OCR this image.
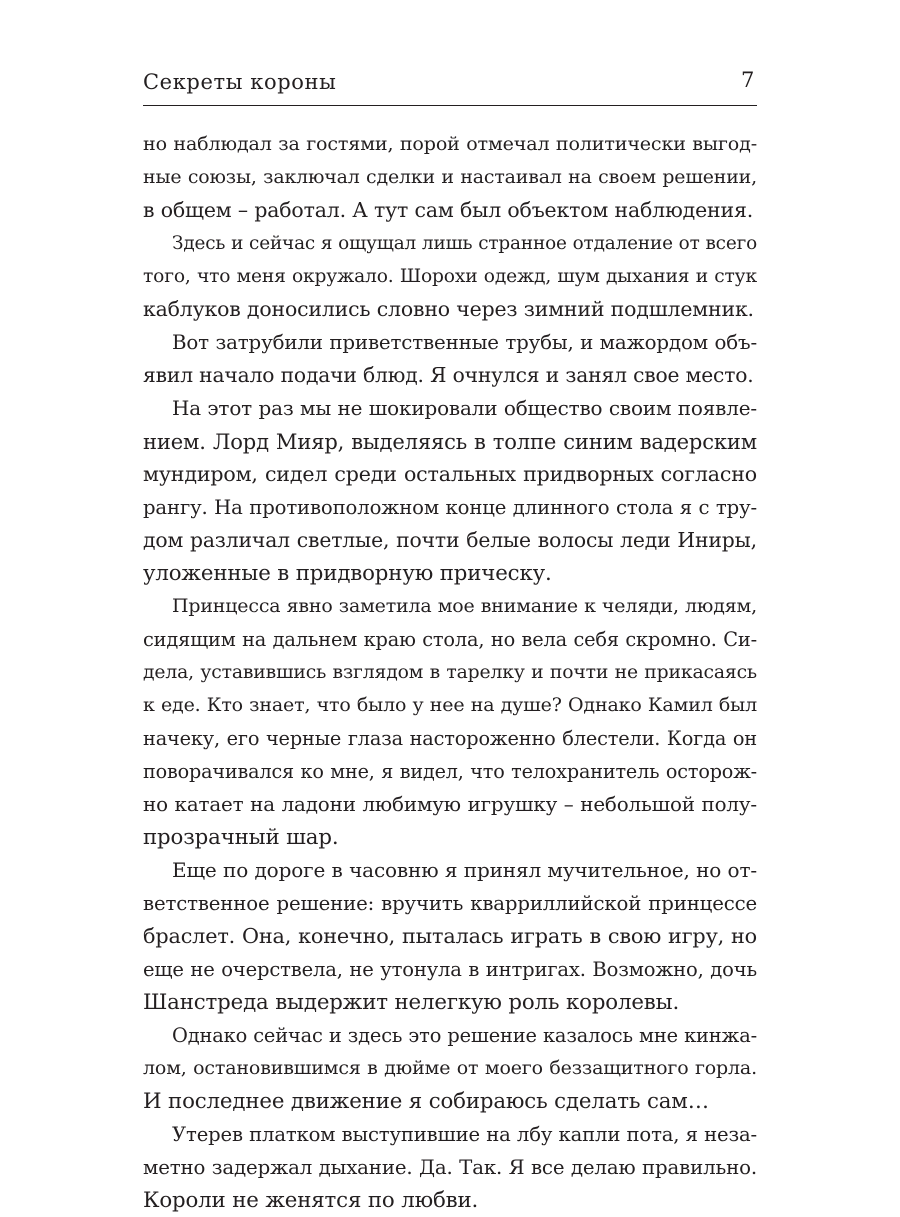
Секреты короны	7
но наблюдал за гостями, порой отмечал политически выгод-
ные союзы, заключал сделки и настаивал на своем решении,
в общем – работал. А тут сам был объектом наблюдения.
Здесь и сейчас я ощущал лишь странное отдаление от всего
того, что меня окружало. Шорохи одежд, шум дыхания и стук
каблуков доносились словно через зимний подшлемник.
Вот затрубили приветственные трубы, и мажордом объ-
явил начало подачи блюд. Я очнулся и занял свое место.
На этот раз мы не шокировали общество своим появле-
нием. Лорд Мияр, выделяясь в толпе синим вадерским
мундиром, сидел среди остальных придворных согласно
рангу. На противоположном конце длинного стола я с тру-
дом различал светлые, почти белые волосы леди Иниры,
уложенные в придворную прическу.
Принцесса явно заметила мое внимание к челяди, людям,
сидящим на дальнем краю стола, но вела себя скромно. Си-
дела, уставившись взглядом в тарелку и почти не прикасаясь
к еде. Кто знает, что было у нее на душе? Однако Камил был
начеку, его черные глаза настороженно блестели. Когда он
поворачивался ко мне, я видел, что телохранитель осторож-
но катает на ладони любимую игрушку – небольшой полу-
прозрачный шар.
Еще по дороге в часовню я принял мучительное, но от-
ветственное решение: вручить кварриллийской принцессе
браслет. Она, конечно, пыталась играть в свою игру, но
еще не очерствела, не утонула в интригах. Возможно, дочь
Шанстреда выдержит нелегкую роль королевы.
Однако сейчас и здесь это решение казалось мне кинжа-
лом, остановившимся в дюйме от моего беззащитного горла.
И последнее движение я собираюсь сделать сам…
Утерев платком выступившие на лбу капли пота, я неза-
метно задержал дыхание. Да. Так. Я все делаю правильно.
Короли не женятся по любви.
